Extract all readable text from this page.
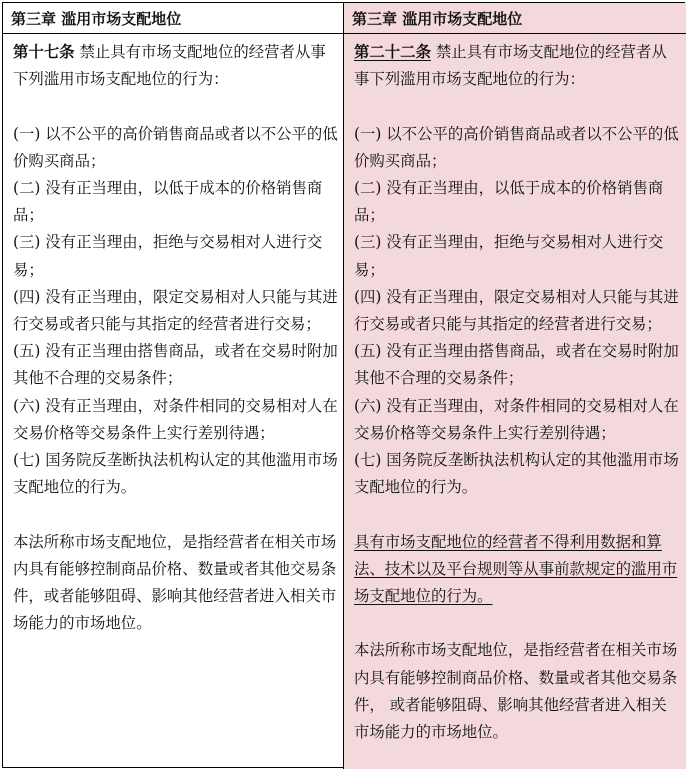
第三章 滥用市场支配地位	第三章 滥用市场支配地位

第十七条 禁止具有市场支配地位的经营者从事下列滥用市场支配地位的行为：

(一) 以不公平的高价销售商品或者以不公平的低价购买商品；

(二) 没有正当理由，以低于成本的价格销售商品；

(三) 没有正当理由，拒绝与交易相对人进行交易；

(四) 没有正当理由，限定交易相对人只能与其进行交易或者只能与其指定的经营者进行交易；

(五) 没有正当理由搭售商品，或者在交易时附加其他不合理的交易条件；

(六) 没有正当理由，对条件相同的交易相对人在交易价格等交易条件上实行差别待遇；

(七) 国务院反垄断执法机构认定的其他滥用市场支配地位的行为。

本法所称市场支配地位，是指经营者在相关市场内具有能够控制商品价格、数量或者其他交易条件，或者能够阻碍、影响其他经营者进入相关市场能力的市场地位。

第二十二条 禁止具有市场支配地位的经营者从事下列滥用市场支配地位的行为：

(一) 以不公平的高价销售商品或者以不公平的低价购买商品；

(二) 没有正当理由，以低于成本的价格销售商品；

(三) 没有正当理由，拒绝与交易相对人进行交易；

(四) 没有正当理由，限定交易相对人只能与其进行交易或者只能与其指定的经营者进行交易；

(五) 没有正当理由搭售商品，或者在交易时附加其他不合理的交易条件；

(六) 没有正当理由，对条件相同的交易相对人在交易价格等交易条件上实行差别待遇；

(七) 国务院反垄断执法机构认定的其他滥用市场支配地位的行为。

具有市场支配地位的经营者不得利用数据和算法、技术以及平台规则等从事前款规定的滥用市场支配地位的行为。

本法所称市场支配地位，是指经营者在相关市场内具有能够控制商品价格、数量或者其他交易条件， 或者能够阻碍、影响其他经营者进入相关市场能力的市场地位。
